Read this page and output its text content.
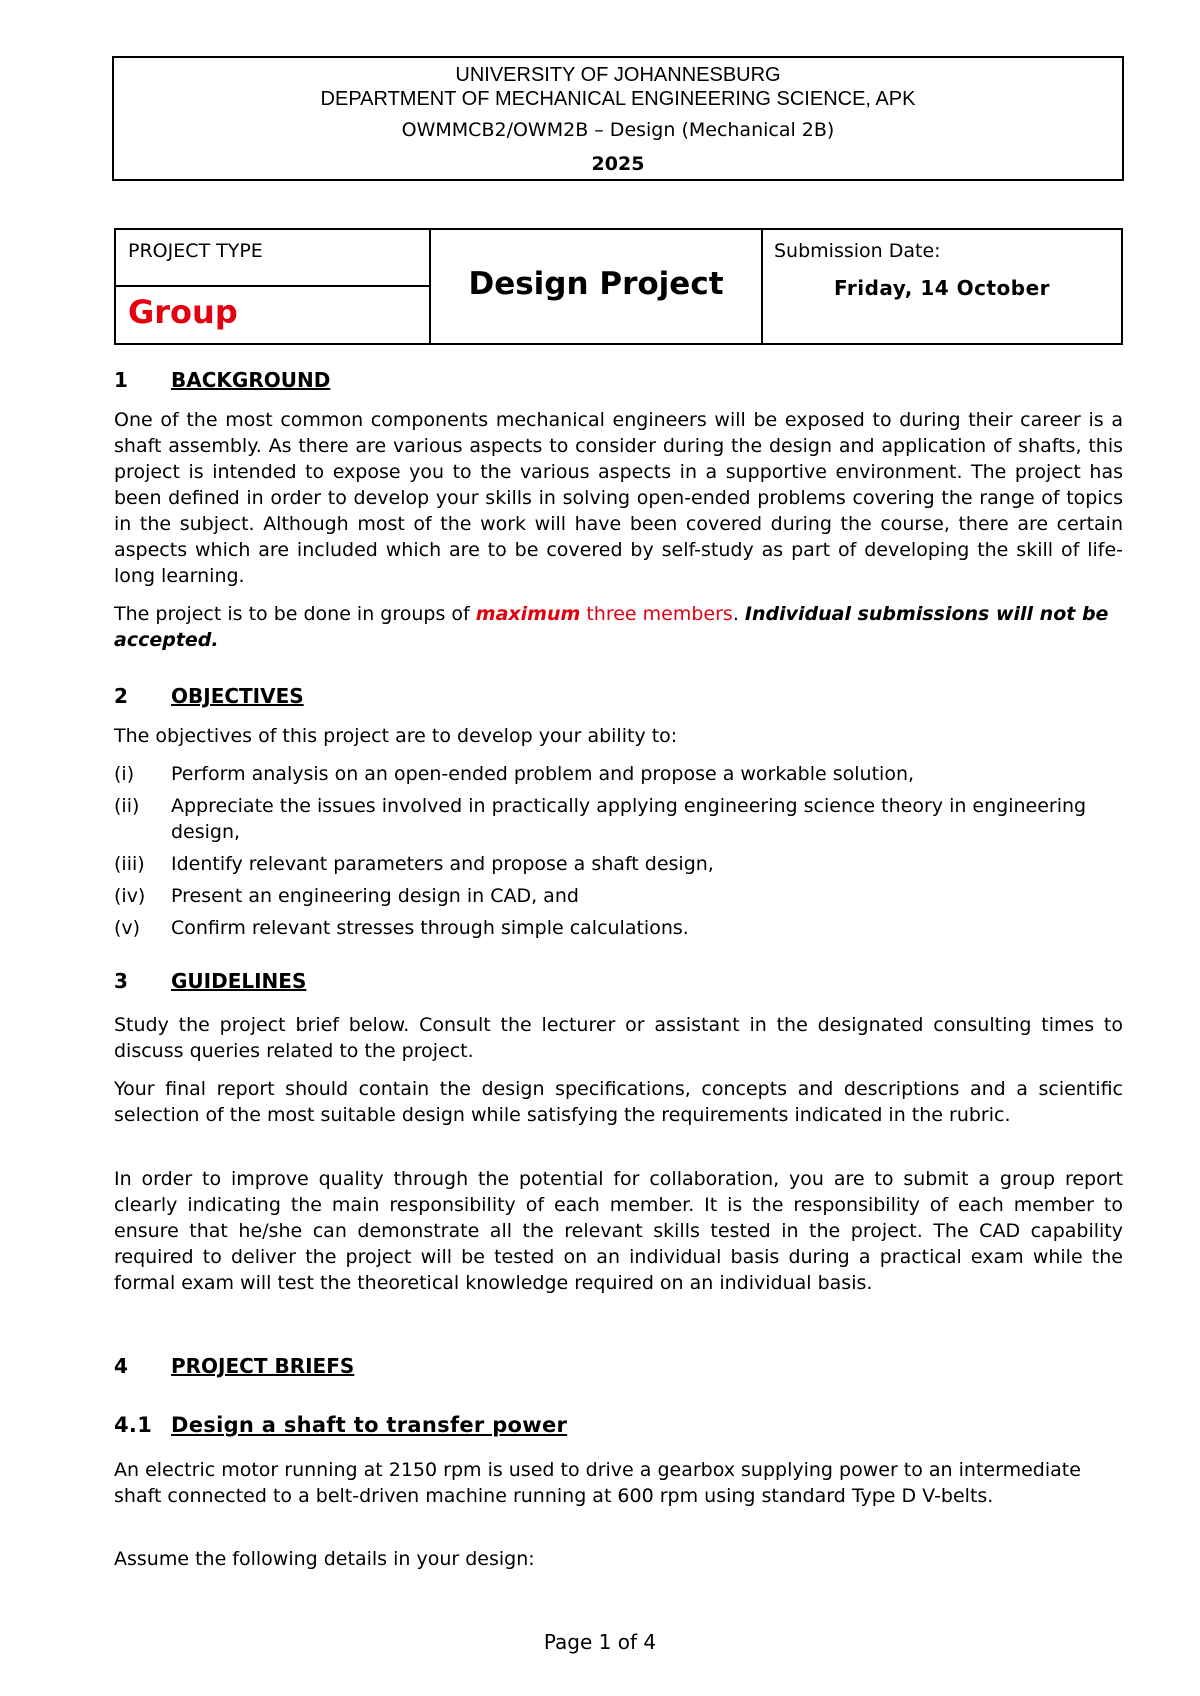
UNIVERSITY OF JOHANNESBURG
DEPARTMENT OF MECHANICAL ENGINEERING SCIENCE, APK
OWMMCB2/OWM2B – Design (Mechanical 2B)
2025
PROJECT TYPE
Group
Design Project
Submission Date:
Friday, 14 October
1 BACKGROUND
One of the most common components mechanical engineers will be exposed to during their career is a shaft assembly. As there are various aspects to consider during the design and application of shafts, this project is intended to expose you to the various aspects in a supportive environment. The project has been defined in order to develop your skills in solving open-ended problems covering the range of topics in the subject. Although most of the work will have been covered during the course, there are certain aspects which are included which are to be covered by self-study as part of developing the skill of life-long learning.
The project is to be done in groups of maximum three members. Individual submissions will not be accepted.
2 OBJECTIVES
The objectives of this project are to develop your ability to:
(i) Perform analysis on an open-ended problem and propose a workable solution,
(ii) Appreciate the issues involved in practically applying engineering science theory in engineering design,
(iii) Identify relevant parameters and propose a shaft design,
(iv) Present an engineering design in CAD, and
(v) Confirm relevant stresses through simple calculations.
3 GUIDELINES
Study the project brief below. Consult the lecturer or assistant in the designated consulting times to discuss queries related to the project.
Your final report should contain the design specifications, concepts and descriptions and a scientific selection of the most suitable design while satisfying the requirements indicated in the rubric.
In order to improve quality through the potential for collaboration, you are to submit a group report clearly indicating the main responsibility of each member. It is the responsibility of each member to ensure that he/she can demonstrate all the relevant skills tested in the project. The CAD capability required to deliver the project will be tested on an individual basis during a practical exam while the formal exam will test the theoretical knowledge required on an individual basis.
4 PROJECT BRIEFS
4.1 Design a shaft to transfer power
An electric motor running at 2150 rpm is used to drive a gearbox supplying power to an intermediate shaft connected to a belt-driven machine running at 600 rpm using standard Type D V-belts.
Assume the following details in your design:
Page 1 of 4
